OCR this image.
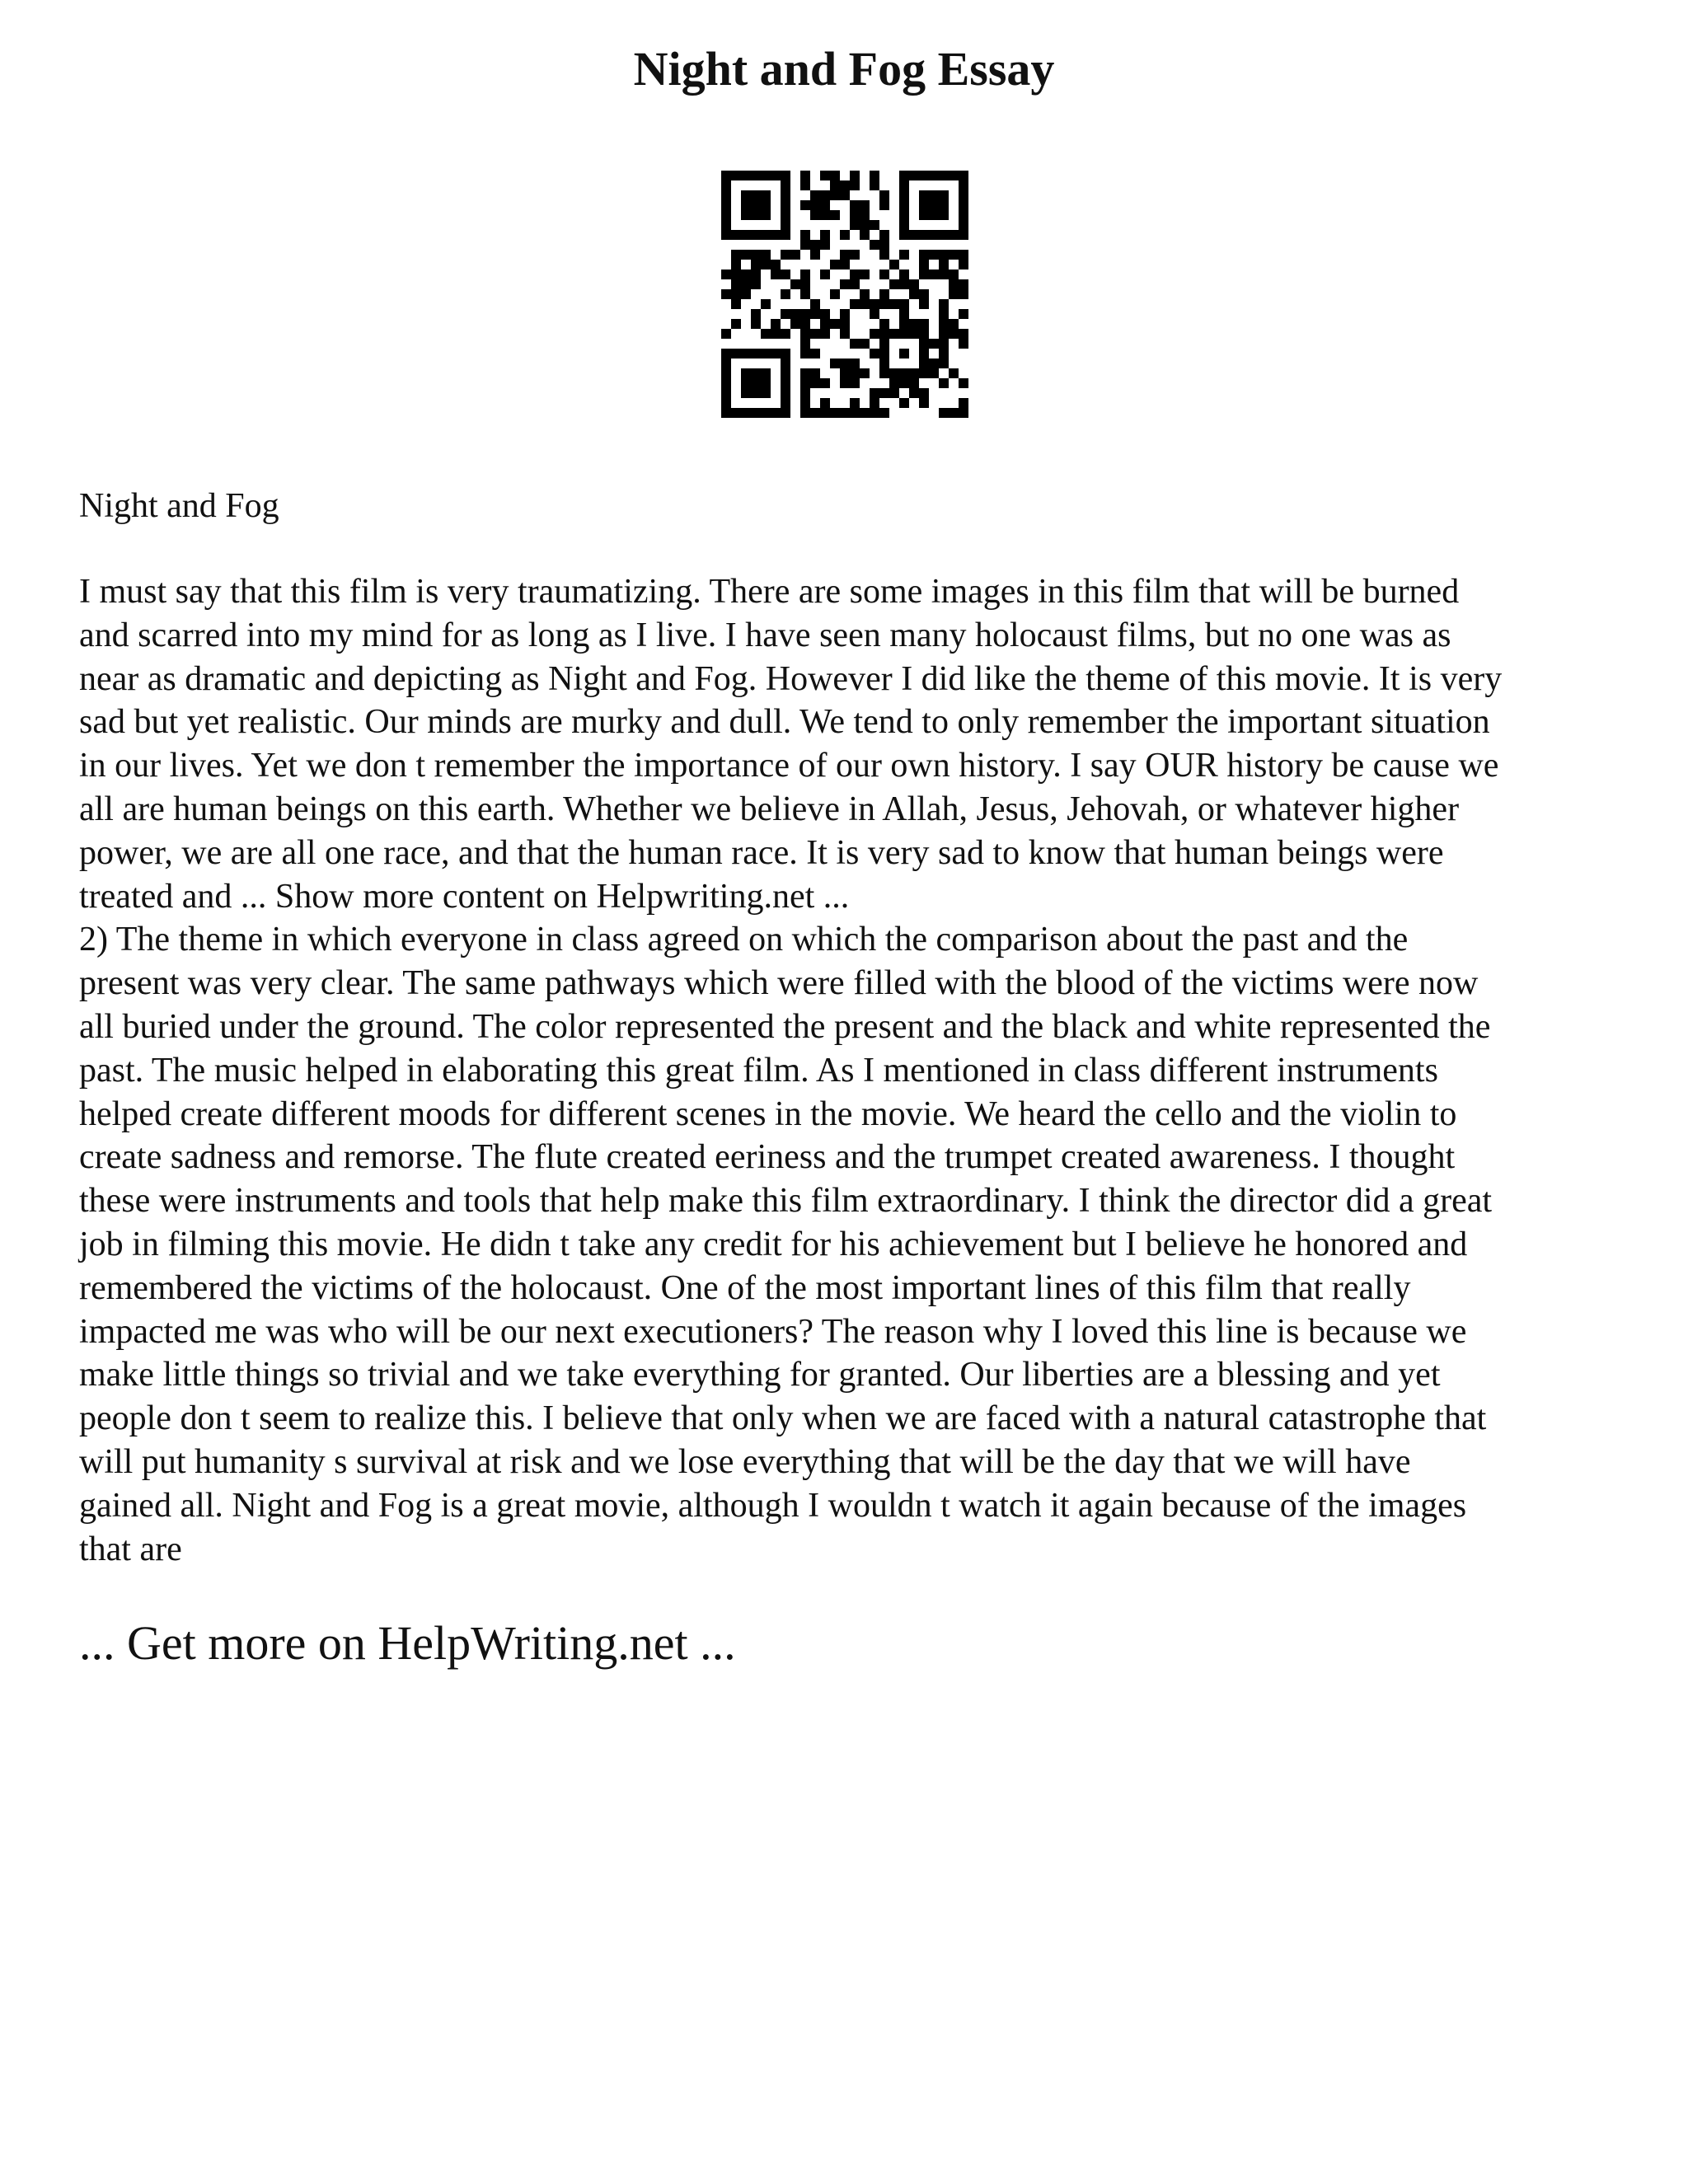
Night and Fog Essay

Night and Fog

I must say that this film is very traumatizing. There are some images in this film that will be burned
and scarred into my mind for as long as I live. I have seen many holocaust films, but no one was as
near as dramatic and depicting as Night and Fog. However I did like the theme of this movie. It is very
sad but yet realistic. Our minds are murky and dull. We tend to only remember the important situation
in our lives. Yet we don t remember the importance of our own history. I say OUR history be cause we
all are human beings on this earth. Whether we believe in Allah, Jesus, Jehovah, or whatever higher
power, we are all one race, and that the human race. It is very sad to know that human beings were
treated and ... Show more content on Helpwriting.net ...
2) The theme in which everyone in class agreed on which the comparison about the past and the
present was very clear. The same pathways which were filled with the blood of the victims were now
all buried under the ground. The color represented the present and the black and white represented the
past. The music helped in elaborating this great film. As I mentioned in class different instruments
helped create different moods for different scenes in the movie. We heard the cello and the violin to
create sadness and remorse. The flute created eeriness and the trumpet created awareness. I thought
these were instruments and tools that help make this film extraordinary. I think the director did a great
job in filming this movie. He didn t take any credit for his achievement but I believe he honored and
remembered the victims of the holocaust. One of the most important lines of this film that really
impacted me was who will be our next executioners? The reason why I loved this line is because we
make little things so trivial and we take everything for granted. Our liberties are a blessing and yet
people don t seem to realize this. I believe that only when we are faced with a natural catastrophe that
will put humanity s survival at risk and we lose everything that will be the day that we will have
gained all. Night and Fog is a great movie, although I wouldn t watch it again because of the images
that are

... Get more on HelpWriting.net ...
